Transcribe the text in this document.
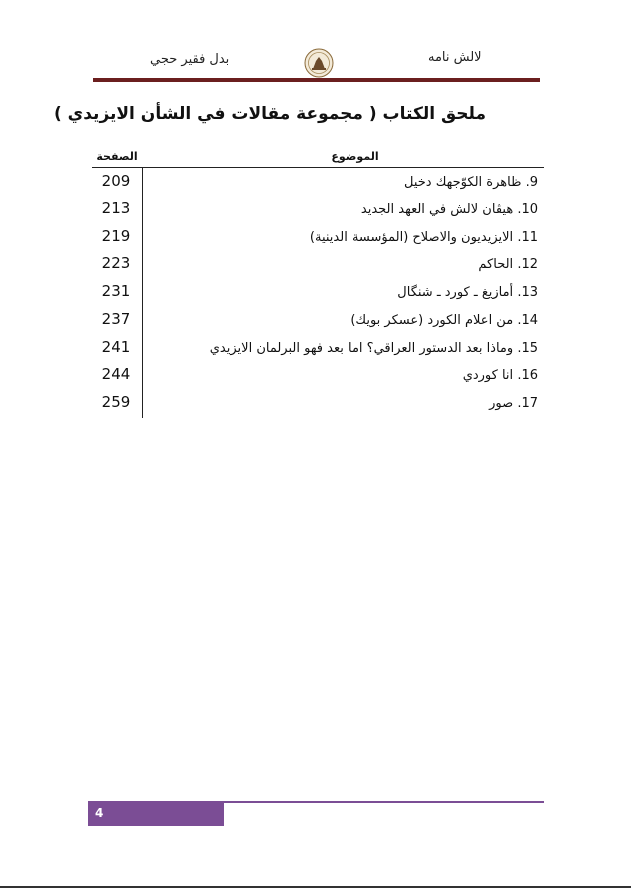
بدل فقير حجي	لالش نامه
ملحق الكتاب ( مجموعة مقالات في الشأن الايزيدي )
الصفحة	الموضوع
209	9. ظاهرة الكوّجهك دخيل
213	10. هيڤان لالش في العهد الجديد
219	11. الايزيديون والاصلاح (المؤسسة الدينية)
223	12. الحاكم
231	13. أمازيغ ـ كورد ـ شنگال
237	14. من اعلام الكورد (عسكر بويك)
241	15. وماذا بعد الدستور العراقي؟ اما بعد فهو البرلمان الايزيدي
244	16. انا كوردي
259	17. صور
4
